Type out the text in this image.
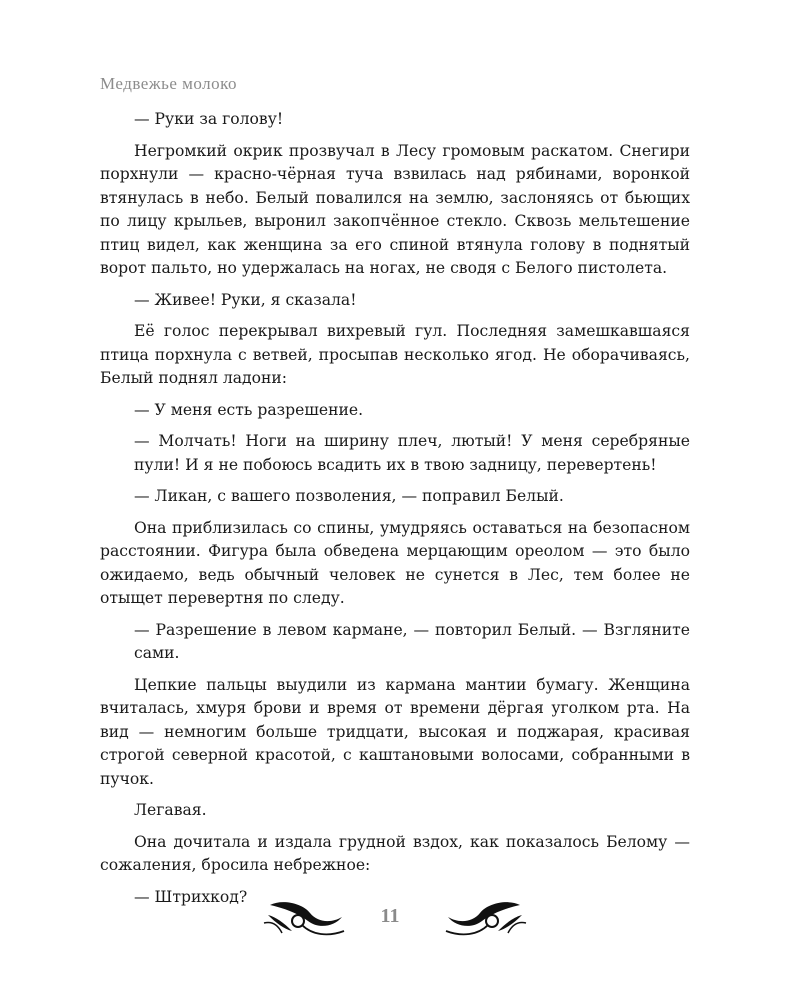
Медвежье молоко

— Руки за голову!

Негромкий окрик прозвучал в Лесу громовым раскатом. Снегири порхнули — красно-чёрная туча взвилась над рябинами, воронкой втянулась в небо. Белый повалился на землю, заслоняясь от бьющих по лицу крыльев, выронил закопчённое стекло. Сквозь мельтешение птиц видел, как женщина за его спиной втянула голову в поднятый ворот пальто, но удержалась на ногах, не сводя с Белого пистолета.

— Живее! Руки, я сказала!

Её голос перекрывал вихревый гул. Последняя замешкавшаяся птица порхнула с ветвей, просыпав несколько ягод. Не оборачиваясь, Белый поднял ладони:

— У меня есть разрешение.

— Молчать! Ноги на ширину плеч, лютый! У меня серебряные пули! И я не побоюсь всадить их в твою задницу, перевертень!

— Ликан, с вашего позволения, — поправил Белый.

Она приблизилась со спины, умудряясь оставаться на безопасном расстоянии. Фигура была обведена мерцающим ореолом — это было ожидаемо, ведь обычный человек не сунется в Лес, тем более не отыщет перевертня по следу.

— Разрешение в левом кармане, — повторил Белый. — Взгляните сами.

Цепкие пальцы выудили из кармана мантии бумагу. Женщина вчиталась, хмуря брови и время от времени дёргая уголком рта. На вид — немногим больше тридцати, высокая и поджарая, красивая строгой северной красотой, с каштановыми волосами, собранными в пучок.

Легавая.

Она дочитала и издала грудной вздох, как показалось Белому — сожаления, бросила небрежное:

— Штрихкод?

11
